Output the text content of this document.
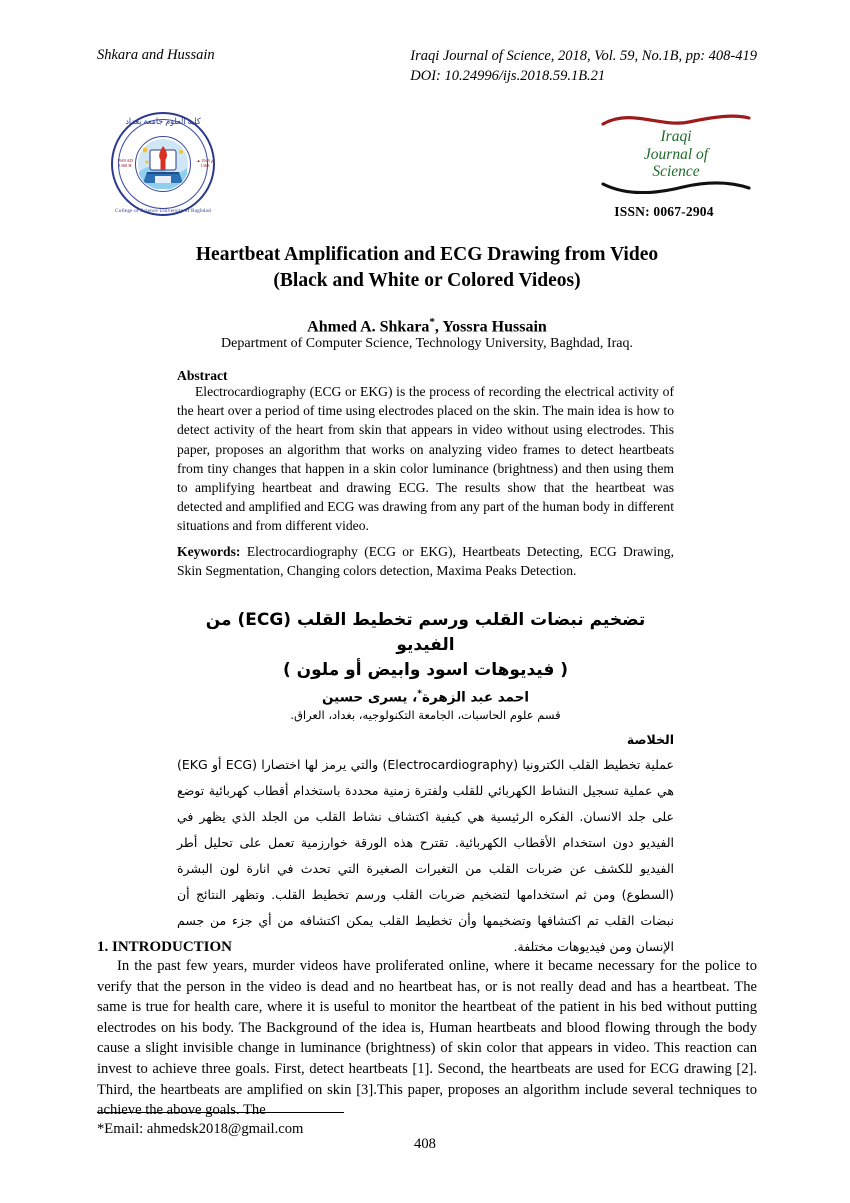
Shkara and Hussain	Iraqi Journal of Science, 2018, Vol. 59, No.1B, pp: 408-419
DOI: 10.24996/ijs.2018.59.1B.21
كلية العلوم جامعة بغداد
College of Science University of Baghdad
1949 AD 1368 H
م 1949 هـ 1368
Iraqi
Journal of
Science
ISSN: 0067-2904
Heartbeat Amplification and ECG Drawing from Video
(Black and White or Colored Videos)
Ahmed A. Shkara*, Yossra Hussain
Department of Computer Science, Technology University, Baghdad, Iraq.
Abstract
Electrocardiography (ECG or EKG) is the process of recording the electrical activity of the heart over a period of time using electrodes placed on the skin. The main idea is how to detect activity of the heart from skin that appears in video without using electrodes. This paper, proposes an algorithm that works on analyzing video frames to detect heartbeats from tiny changes that happen in a skin color luminance (brightness) and then using them to amplifying heartbeat and drawing ECG. The results show that the heartbeat was detected and amplified and ECG was drawing from any part of the human body in different situations and from different video.
Keywords: Electrocardiography (ECG or EKG), Heartbeats Detecting, ECG Drawing, Skin Segmentation, Changing colors detection, Maxima Peaks Detection.
تضخيم نبضات القلب ورسم تخطيط القلب (ECG) من الفيديو
( فيديوهات اسود وابيض أو ملون )
احمد عبد الزهرة*، يسرى حسين
قسم علوم الحاسبات، الجامعة التكنولوجيه، بغداد، العراق.
الخلاصة
عملية تخطيط القلب الكترونيا (Electrocardiography) والتي يرمز لها اختصارا (ECG أو EKG) هي عملية تسجيل النشاط الكهربائي للقلب ولفترة زمنية محددة باستخدام أقطاب كهربائية توضع على جلد الانسان. الفكره الرئيسية هي كيفية اكتشاف نشاط القلب من الجلد الذي يظهر في الفيديو دون استخدام الأقطاب الكهربائية. تقترح هذه الورقة خوارزمية تعمل على تحليل أطر الفيديو للكشف عن ضربات القلب من التغيرات الصغيرة التي تحدث في انارة لون البشرة (السطوع) ومن ثم استخدامها لتضخيم ضربات القلب ورسم تخطيط القلب. وتظهر النتائج أن نبضات القلب تم اكتشافها وتضخيمها وأن تخطيط القلب يمكن اكتشافه من أي جزء من جسم الإنسان ومن فيديوهات مختلفة.
1. INTRODUCTION
In the past few years, murder videos have proliferated online, where it became necessary for the police to verify that the person in the video is dead and no heartbeat has, or is not really dead and has a heartbeat. The same is true for health care, where it is useful to monitor the heartbeat of the patient in his bed without putting electrodes on his body. The Background of the idea is, Human heartbeats and blood flowing through the body cause a slight invisible change in luminance (brightness) of skin color that appears in video. This reaction can invest to achieve three goals. First, detect heartbeats [1]. Second, the heartbeats are used for ECG drawing [2]. Third, the heartbeats are amplified on skin [3].This paper, proposes an algorithm include several techniques to achieve the above goals. The
*Email: ahmedsk2018@gmail.com
408
